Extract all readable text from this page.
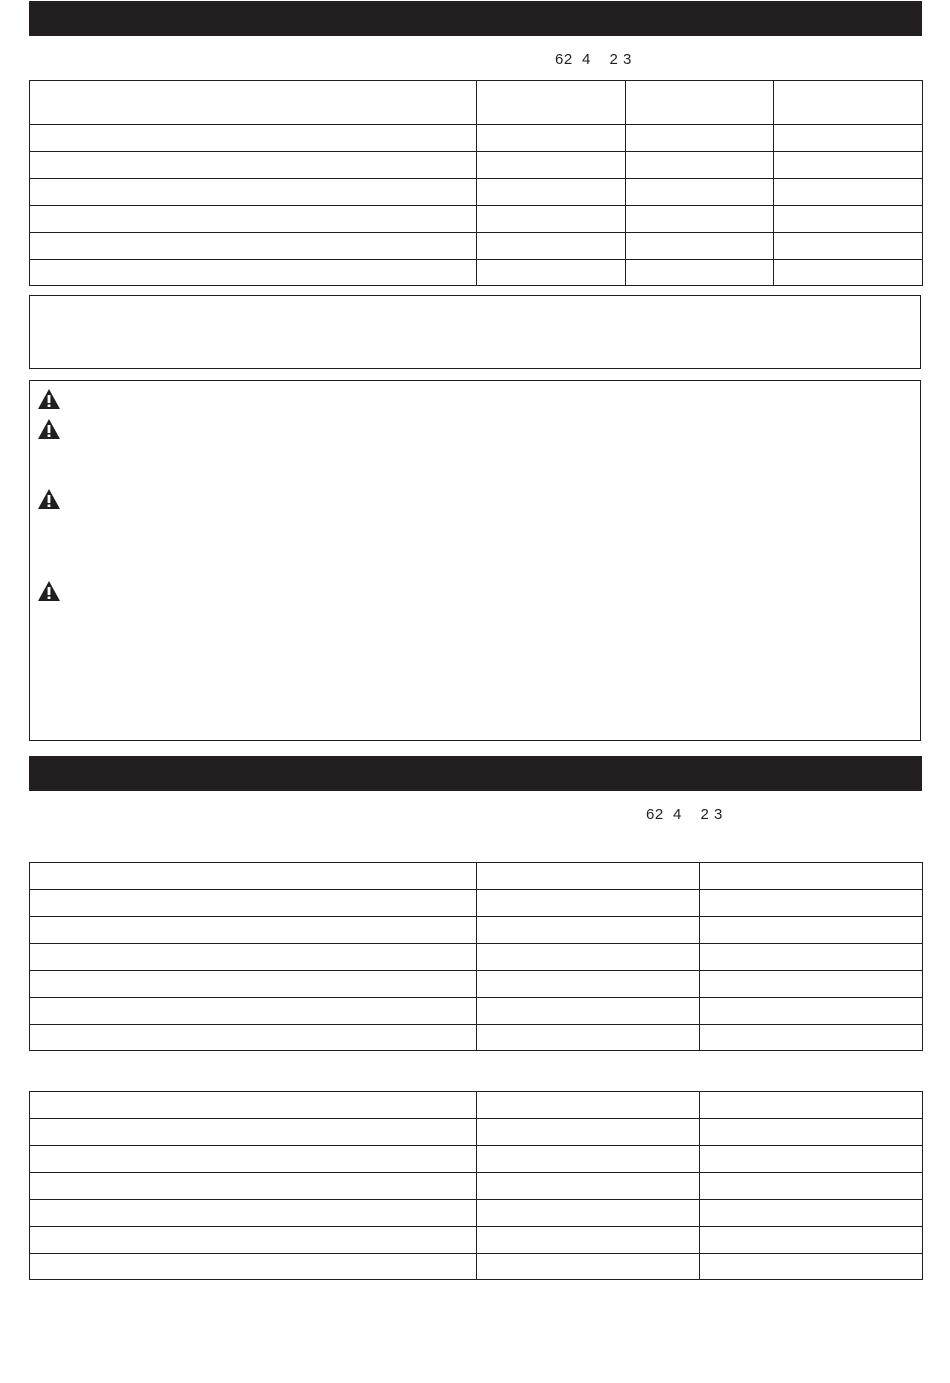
62  4    2 3

62  4    2 3
